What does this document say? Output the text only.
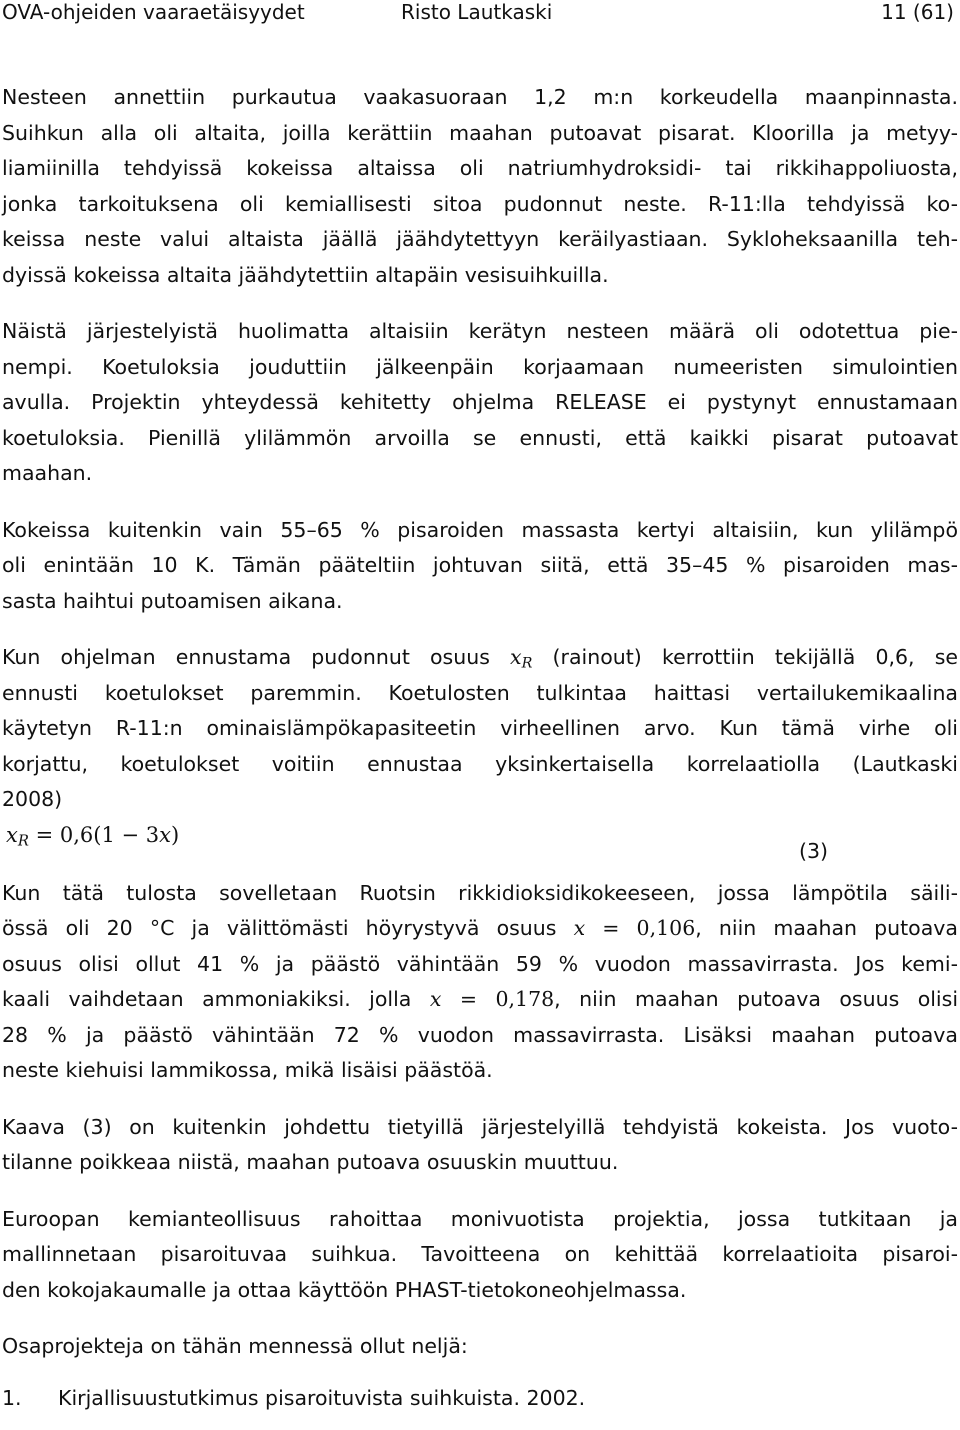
OVA-ohjeiden vaaraetäisyydet	Risto Lautkaski	11 (61)
Nesteen annettiin purkautua vaakasuoraan 1,2 m:n korkeudella maanpinnasta.
Suihkun alla oli altaita, joilla kerättiin maahan putoavat pisarat. Kloorilla ja metyy-
liamiinilla tehdyissä kokeissa altaissa oli natriumhydroksidi- tai rikkihappoliuosta,
jonka tarkoituksena oli kemiallisesti sitoa pudonnut neste. R-11:lla tehdyissä ko-
keissa neste valui altaista jäällä jäähdytettyyn keräilyastiaan. Sykloheksaanilla teh-
dyissä kokeissa altaita jäähdytettiin altapäin vesisuihkuilla.
Näistä järjestelyistä huolimatta altaisiin kerätyn nesteen määrä oli odotettua pie-
nempi. Koetuloksia jouduttiin jälkeenpäin korjaamaan numeeristen simulointien
avulla. Projektin yhteydessä kehitetty ohjelma RELEASE ei pystynyt ennustamaan
koetuloksia. Pienillä ylilämmön arvoilla se ennusti, että kaikki pisarat putoavat
maahan.
Kokeissa kuitenkin vain 55–65 % pisaroiden massasta kertyi altaisiin, kun ylilämpö
oli enintään 10 K. Tämän pääteltiin johtuvan siitä, että 35–45 % pisaroiden mas-
sasta haihtui putoamisen aikana.
Kun ohjelman ennustama pudonnut osuus $x_R$ (rainout) kerrottiin tekijällä 0,6, se
ennusti koetulokset paremmin. Koetulosten tulkintaa haittasi vertailukemikaalina
käytetyn R-11:n ominaislämpökapasiteetin virheellinen arvo. Kun tämä virhe oli
korjattu, koetulokset voitiin ennustaa yksinkertaisella korrelaatiolla (Lautkaski
2008)
$x_R = 0,6(1 - 3x)$
(3)
Kun tätä tulosta sovelletaan Ruotsin rikkidioksidikokeeseen, jossa lämpötila säili-
össä oli 20 °C ja välittömästi höyrystyvä osuus x = 0,106, niin maahan putoava
osuus olisi ollut 41 % ja päästö vähintään 59 % vuodon massavirrasta. Jos kemi-
kaali vaihdetaan ammoniakiksi. jolla x = 0,178, niin maahan putoava osuus olisi
28 % ja päästö vähintään 72 % vuodon massavirrasta. Lisäksi maahan putoava
neste kiehuisi lammikossa, mikä lisäisi päästöä.
Kaava (3) on kuitenkin johdettu tietyillä järjestelyillä tehdyistä kokeista. Jos vuoto-
tilanne poikkeaa niistä, maahan putoava osuuskin muuttuu.
Euroopan kemianteollisuus rahoittaa monivuotista projektia, jossa tutkitaan ja
mallinnetaan pisaroituvaa suihkua. Tavoitteena on kehittää korrelaatioita pisaroi-
den kokojakaumalle ja ottaa käyttöön PHAST-tietokoneohjelmassa.
Osaprojekteja on tähän mennessä ollut neljä:
1. Kirjallisuustutkimus pisaroituvista suihkuista. 2002.
